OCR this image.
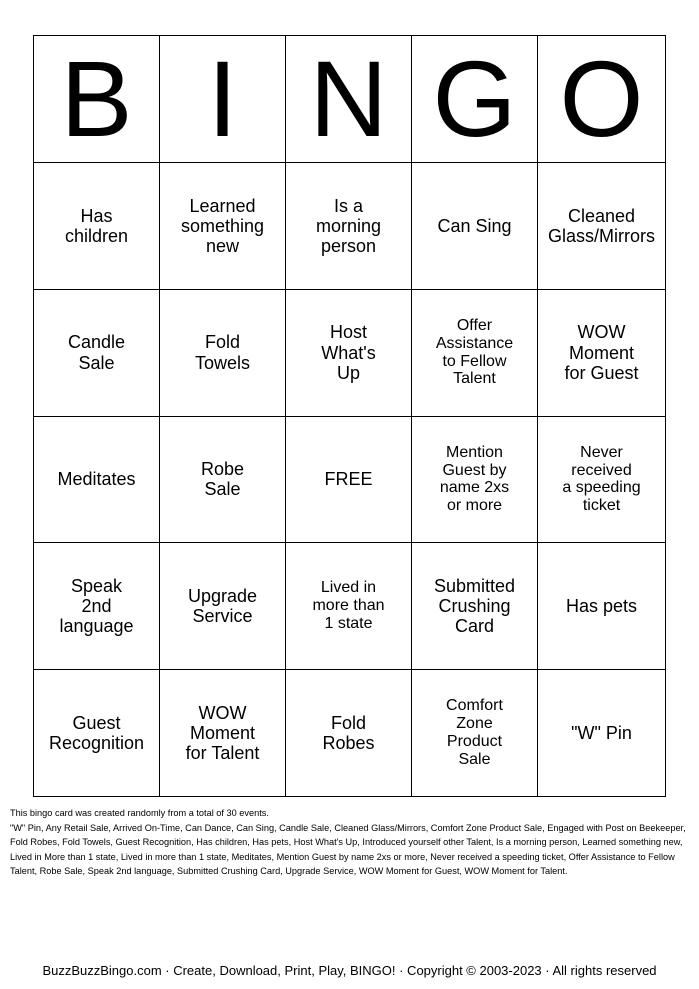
B I N G O
Has
children
Learned
something
new
Is a
morning
person
Can Sing
Cleaned
Glass/Mirrors
Candle
Sale
Fold
Towels
Host
What's
Up
Offer
Assistance
to Fellow
Talent
WOW
Moment
for Guest
Meditates
Robe
Sale
FREE
Mention
Guest by
name 2xs
or more
Never
received
a speeding
ticket
Speak
2nd
language
Upgrade
Service
Lived in
more than
1 state
Submitted
Crushing
Card
Has pets
Guest
Recognition
WOW
Moment
for Talent
Fold
Robes
Comfort
Zone
Product
Sale
"W" Pin

This bingo card was created randomly from a total of 30 events.

"W" Pin, Any Retail Sale, Arrived On-Time, Can Dance, Can Sing, Candle Sale, Cleaned Glass/Mirrors, Comfort Zone Product Sale, Engaged with Post on Beekeeper, Fold Robes, Fold Towels, Guest Recognition, Has children, Has pets, Host What's Up, Introduced yourself other Talent, Is a morning person, Learned something new, Lived in More than 1 state, Lived in more than 1 state, Meditates, Mention Guest by name 2xs or more, Never received a speeding ticket, Offer Assistance to Fellow Talent, Robe Sale, Speak 2nd language, Submitted Crushing Card, Upgrade Service, WOW Moment for Guest, WOW Moment for Talent.

BuzzBuzzBingo.com · Create, Download, Print, Play, BINGO! · Copyright © 2003-2023 · All rights reserved
